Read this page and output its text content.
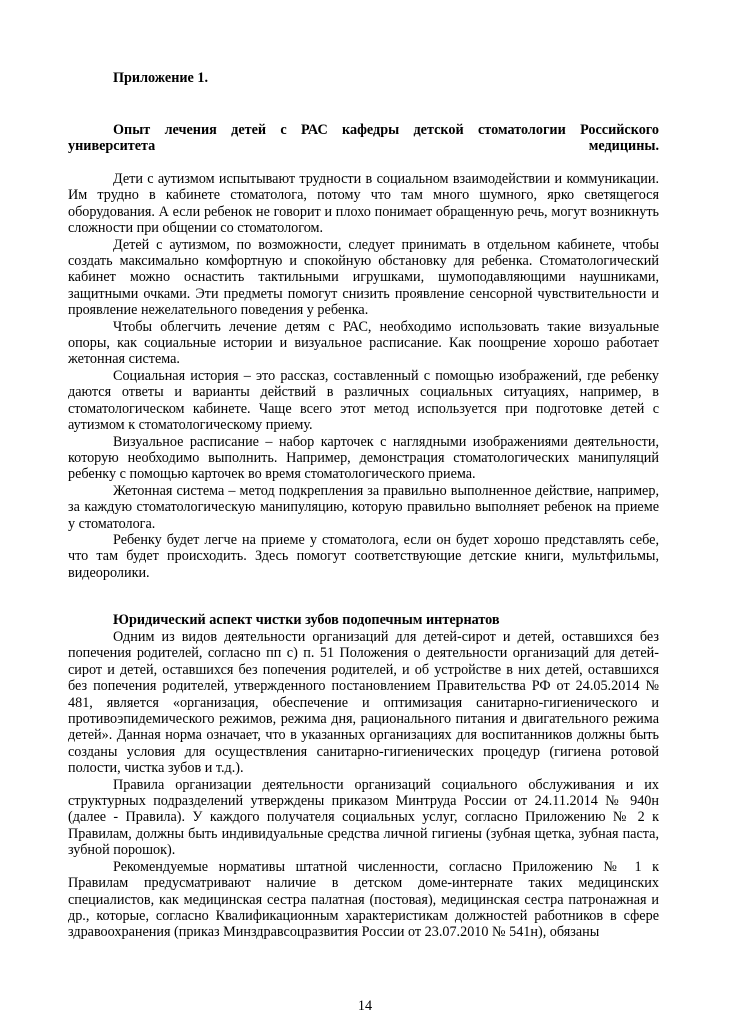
Приложение 1.

Опыт лечения детей с РАС кафедры детской стоматологии Российского

университета	медицины.

Дети с аутизмом испытывают трудности в социальном взаимодействии и коммуникации. Им трудно в кабинете стоматолога, потому что там много шумного, ярко светящегося оборудования. А если ребенок не говорит и плохо понимает обращенную речь, могут возникнуть сложности при общении со стоматологом.

Детей с аутизмом, по возможности, следует принимать в отдельном кабинете, чтобы создать максимально комфортную и спокойную обстановку для ребенка. Стоматологический кабинет можно оснастить тактильными игрушками, шумоподавляющими наушниками, защитными очками. Эти предметы помогут снизить проявление сенсорной чувствительности и проявление нежелательного поведения у ребенка.

Чтобы облегчить лечение детям с РАС, необходимо использовать такие визуальные опоры, как социальные истории и визуальное расписание. Как поощрение хорошо работает жетонная система.

Социальная история – это рассказ, составленный с помощью изображений, где ребенку даются ответы и варианты действий в различных социальных ситуациях, например, в стоматологическом кабинете. Чаще всего этот метод используется при подготовке детей с аутизмом к стоматологическому приему.

Визуальное расписание – набор карточек с наглядными изображениями деятельности, которую необходимо выполнить. Например, демонстрация стоматологических манипуляций ребенку с помощью карточек во время стоматологического приема.

Жетонная система – метод подкрепления за правильно выполненное действие, например, за каждую стоматологическую манипуляцию, которую правильно выполняет ребенок на приеме у стоматолога.

Ребенку будет легче на приеме у стоматолога, если он будет хорошо представлять себе, что там будет происходить. Здесь помогут соответствующие детские книги, мультфильмы, видеоролики.

Юридический аспект чистки зубов подопечным интернатов

Одним из видов деятельности организаций для детей-сирот и детей, оставшихся без попечения родителей, согласно пп с) п. 51 Положения о деятельности организаций для детей-сирот и детей, оставшихся без попечения родителей, и об устройстве в них детей, оставшихся без попечения родителей, утвержденного постановлением Правительства РФ от 24.05.2014 № 481, является «организация, обеспечение и оптимизация санитарно-гигиенического и противоэпидемического режимов, режима дня, рационального питания и двигательного режима детей». Данная норма означает, что в указанных организациях для воспитанников должны быть созданы условия для осуществления санитарно-гигиенических процедур (гигиена ротовой полости, чистка зубов и т.д.).

Правила организации деятельности организаций социального обслуживания и их структурных подразделений утверждены приказом Минтруда России от 24.11.2014 № 940н (далее - Правила). У каждого получателя социальных услуг, согласно Приложению № 2 к Правилам, должны быть индивидуальные средства личной гигиены (зубная щетка, зубная паста, зубной порошок).

Рекомендуемые нормативы штатной численности, согласно Приложению № 1 к Правилам предусматривают наличие в детском доме-интернате таких медицинских специалистов, как медицинская сестра палатная (постовая), медицинская сестра патронажная и др., которые, согласно Квалификационным характеристикам должностей работников в сфере здравоохранения (приказ Минздравсоцразвития России от 23.07.2010 № 541н), обязаны

14
